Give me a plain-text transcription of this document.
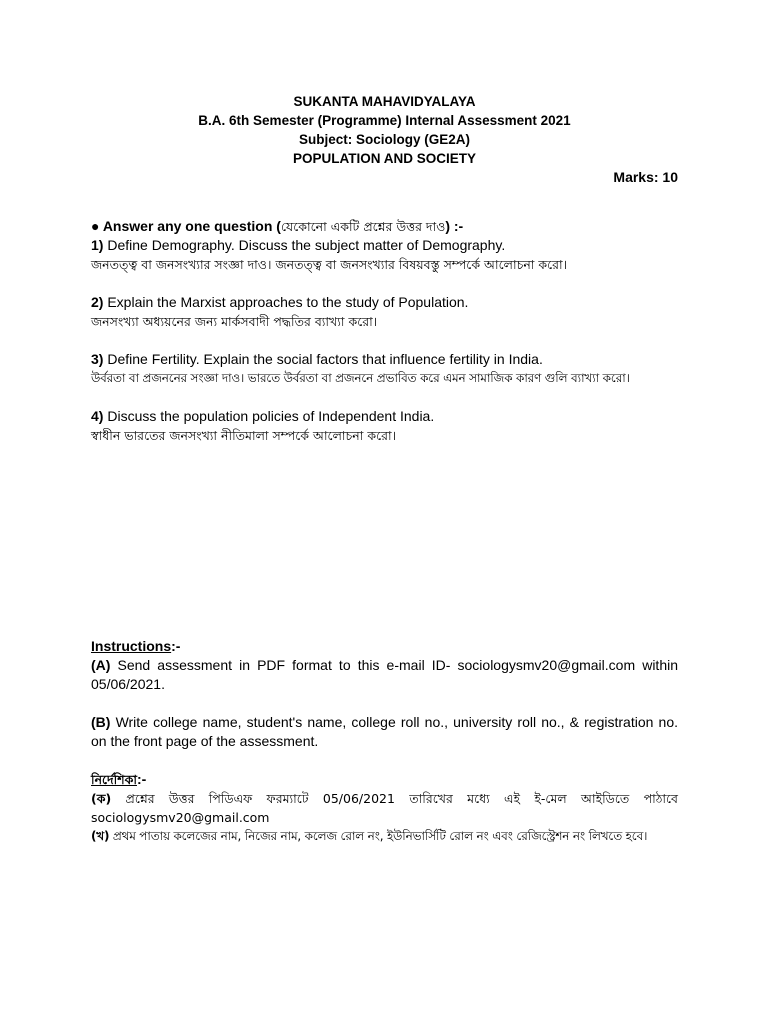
SUKANTA MAHAVIDYALAYA
B.A. 6th Semester (Programme) Internal Assessment 2021
Subject: Sociology (GE2A)
POPULATION AND SOCIETY
Marks: 10
● Answer any one question (যেকোনো একটি প্রশ্নের উত্তর দাও) :-

1) Define Demography. Discuss the subject matter of Demography.

জনতত্ত্ব বা জনসংখ্যার সংজ্ঞা দাও। জনতত্ত্ব বা জনসংখ্যার বিষয়বস্তু সম্পর্কে আলোচনা করো।

2) Explain the Marxist approaches to the study of Population.

জনসংখ্যা অধ্যয়নের জন্য মার্কসবাদী পদ্ধতির ব্যাখ্যা করো।

3) Define Fertility. Explain the social factors that influence fertility in India.

উর্বরতা বা প্রজননের সংজ্ঞা দাও। ভারতে উর্বরতা বা প্রজননে প্রভাবিত করে এমন সামাজিক কারণ গুলি ব্যাখ্যা করো।

4) Discuss the population policies of Independent India.

স্বাধীন ভারতের জনসংখ্যা নীতিমালা সম্পর্কে আলোচনা করো।

Instructions:-

(A) Send assessment in PDF format to this e-mail ID- sociologysmv20@gmail.com within 05/06/2021.

(B) Write college name, student's name, college roll no., university roll no., & registration no. on the front page of the assessment.

নির্দেশিকা:-

(ক) প্রশ্নের উত্তর পিডিএফ ফরম্যাটে 05/06/2021 তারিখের মধ্যে এই ই-মেল আইডিতে পাঠাবে sociologysmv20@gmail.com

(খ) প্রথম পাতায় কলেজের নাম, নিজের নাম, কলেজ রোল নং, ইউনিভার্সিটি রোল নং এবং রেজিস্ট্রেশন নং লিখতে হবে।
